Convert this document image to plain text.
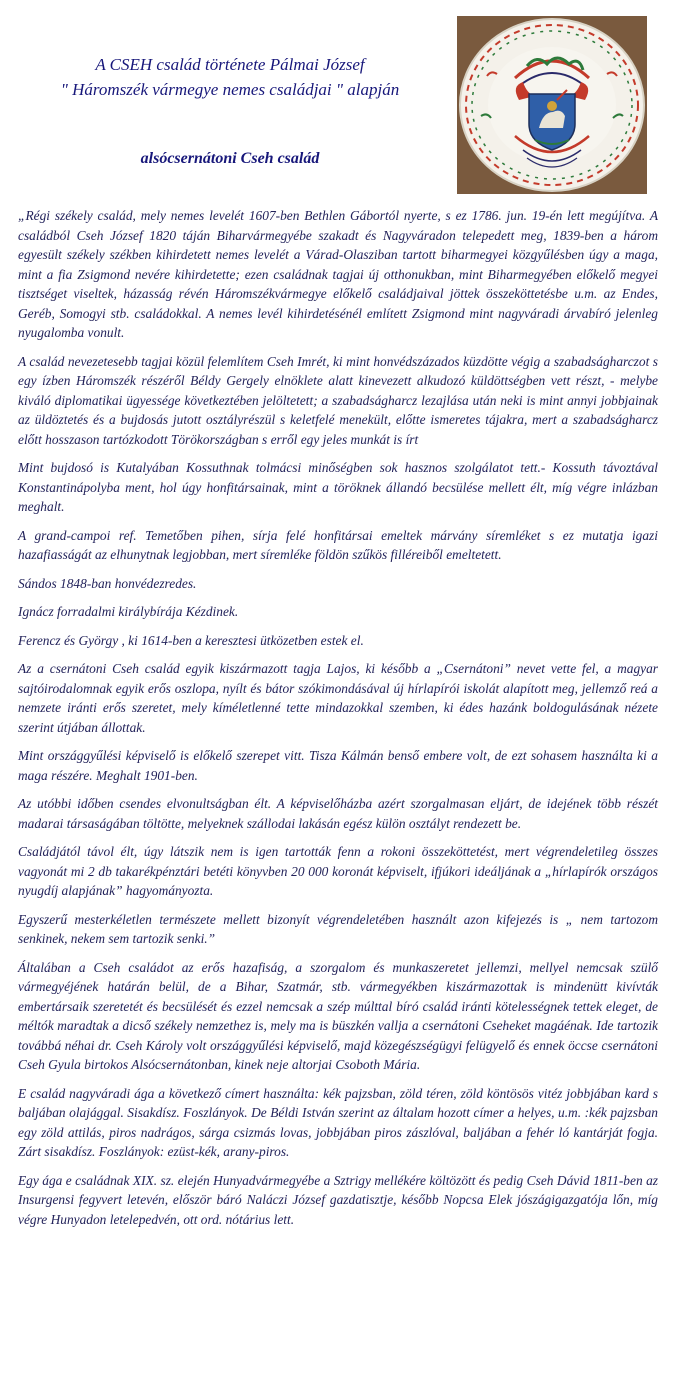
A CSEH család története Pálmai József
" Háromszék vármegye nemes családjai " alapján
alsócsernátoni Cseh család

„Régi székely család, mely nemes levelét 1607-ben Bethlen Gábortól nyerte, s ez 1786. jun. 19-én lett megújítva. A családból Cseh József 1820 táján Biharvármegyébe szakadt és Nagyváradon telepedett meg, 1839-ben a három egyesült székely székben kihirdetett nemes levelét a Várad-Olasziban tartott biharmegyei közgyűlésben úgy a maga, mint a fia Zsigmond nevére kihirdetette; ezen családnak tagjai új otthonukban, mint Biharmegyében előkelő megyei tisztséget viseltek, házasság révén Háromszékvármegye előkelő családjaival jöttek összeköttetésbe u.m. az Endes, Geréb, Somogyi stb. családokkal. A nemes levél kihirdetésénél említett Zsigmond mint nagyváradi árvabíró jelenleg nyugalomba vonult.

A család nevezetesebb tagjai közül felemlítem Cseh Imrét, ki mint honvédszázados küzdötte végig a szabadságharczot s egy ízben Háromszék részéről Béldy Gergely elnöklete alatt kinevezett alkudozó küldöttségben vett részt, - melybe kiváló diplomatikai ügyessége következtében jelöltetett; a szabadságharcz lezajlása után neki is mint annyi jobbjainak az üldöztetés és a bujdosás jutott osztályrészül s keletfelé menekült, előtte ismeretes tájakra, mert a szabadságharcz előtt hosszason tartózkodott Törökországban s erről egy jeles munkát is írt

Mint bujdosó is Kutalyában Kossuthnak tolmácsi minőségben sok hasznos szolgálatot tett.- Kossuth távoztával Konstantinápolyba ment, hol úgy honfitársainak, mint a töröknek állandó becsülése mellett élt, míg végre inlázban meghalt.

A grand-campoi ref. Temetőben pihen, sírja felé honfitársai emeltek márvány síremléket s ez mutatja igazi hazafiasságát az elhunytnak legjobban, mert síremléke földön szűkös filléreiből emeltetett.

Sándos 1848-ban honvédezredes.

Ignácz forradalmi királybírája Kézdinek.

Ferencz és György , ki 1614-ben a keresztesi ütközetben estek el.

Az a csernátoni Cseh család egyik kiszármazott tagja Lajos, ki később a „Csernátoni” nevet vette fel, a magyar sajtóirodalomnak egyik erős oszlopa, nyílt és bátor szókimondásával új hírlapírói iskolát alapított meg, jellemző reá a nemzete iránti erős szeretet, mely kíméletlenné tette mindazokkal szemben, ki édes hazánk boldogulásának nézete szerint útjában állottak.

Mint országgyűlési képviselő is előkelő szerepet vitt. Tisza Kálmán benső embere volt, de ezt sohasem használta ki a maga részére. Meghalt 1901-ben.

Az utóbbi időben csendes elvonultságban élt. A képviselőházba azért szorgalmasan eljárt, de idejének több részét madarai társaságában töltötte, melyeknek szállodai lakásán egész külön osztályt rendezett be.

Családjától távol élt, úgy látszik nem is igen tartották fenn a rokoni összeköttetést, mert végrendeletileg összes vagyonát mi 2 db takarékpénztári betéti könyvben 20 000 koronát képviselt, ifjúkori ideáljának a „hírlapírók országos nyugdíj alapjának” hagyományozta.

Egyszerű mesterkéletlen természete mellett bizonyít végrendeletében használt azon kifejezés is „ nem tartozom senkinek, nekem sem tartozik senki.”

Általában a Cseh családot az erős hazafiság, a szorgalom és munkaszeretet jellemzi, mellyel nemcsak szülő vármegyéjének határán belül, de a Bihar, Szatmár, stb. vármegyékben kiszármazottak is mindenütt kivívták embertársaik szeretetét és becsülését és ezzel nemcsak a szép múlttal bíró család iránti kötelességnek tettek eleget, de méltók maradtak a dicső székely nemzethez is, mely ma is büszkén vallja a csernátoni Cseheket magáénak. Ide tartozik továbbá néhai dr. Cseh Károly volt országgyűlési képviselő, majd közegészségügyi felügyelő és ennek öccse csernátoni Cseh Gyula birtokos Alsócsernátonban, kinek neje altorjai Csoboth Mária.

E család nagyváradi ága a következő címert használta: kék pajzsban, zöld téren, zöld köntösös vitéz jobbjában kard s baljában olajággal. Sisakdísz. Foszlányok. De Béldi István szerint az általam hozott címer a helyes, u.m. :kék pajzsban egy zöld attilás, piros nadrágos, sárga csizmás lovas, jobbjában piros zászlóval, baljában a fehér ló kantárját fogja. Zárt sisakdísz. Foszlányok: ezüst-kék, arany-piros.

Egy ága e családnak XIX. sz. elején Hunyadvármegyébe a Sztrigy mellékére költözött és pedig Cseh Dávid 1811-ben az Insurgensi fegyvert letevén, először báró Naláczi József gazdatisztje, később Nopcsa Elek jószágigazgatója lőn, míg végre Hunyadon letelepedvén, ott ord. nótárius lett.
